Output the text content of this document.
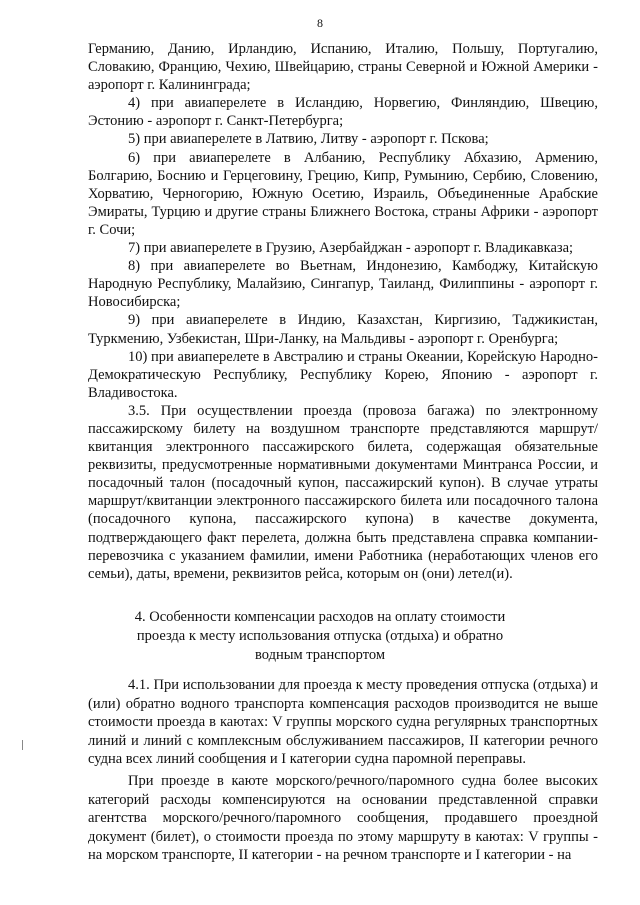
8

Германию, Данию, Ирландию, Испанию, Италию, Польшу, Португалию, Словакию, Францию, Чехию, Швейцарию, страны Северной и Южной Америки - аэропорт г. Калининграда;

4) при авиаперелете в Исландию, Норвегию, Финляндию, Швецию, Эстонию - аэропорт г. Санкт-Петербурга;

5) при авиаперелете в Латвию, Литву - аэропорт г. Пскова;

6) при авиаперелете в Албанию, Республику Абхазию, Армению, Болгарию, Боснию и Герцеговину, Грецию, Кипр, Румынию, Сербию, Словению, Хорватию, Черногорию, Южную Осетию, Израиль, Объединенные Арабские Эмираты, Турцию и другие страны Ближнего Востока, страны Африки - аэропорт г. Сочи;

7) при авиаперелете в Грузию, Азербайджан - аэропорт г. Владикавказа;

8) при авиаперелете во Вьетнам, Индонезию, Камбоджу, Китайскую Народную Республику, Малайзию, Сингапур, Таиланд, Филиппины - аэропорт г. Новосибирска;

9) при авиаперелете в Индию, Казахстан, Киргизию, Таджикистан, Туркмению, Узбекистан, Шри-Ланку, на Мальдивы - аэропорт г. Оренбурга;

10) при авиаперелете в Австралию и страны Океании, Корейскую Народно-Демократическую Республику, Республику Корею, Японию - аэропорт г. Владивостока.

3.5. При осуществлении проезда (провоза багажа) по электронному пассажирскому билету на воздушном транспорте представляются маршрут/квитанция электронного пассажирского билета, содержащая обязательные реквизиты, предусмотренные нормативными документами Минтранса России, и посадочный талон (посадочный купон, пассажирский купон). В случае утраты маршрут/квитанции электронного пассажирского билета или посадочного талона (посадочного купона, пассажирского купона) в качестве документа, подтверждающего факт перелета, должна быть представлена справка компании-перевозчика с указанием фамилии, имени Работника (неработающих членов его семьи), даты, времени, реквизитов рейса, которым он (они) летел(и).

4. Особенности компенсации расходов на оплату стоимости
проезда к месту использования отпуска (отдыха) и обратно
водным транспортом

4.1. При использовании для проезда к месту проведения отпуска (отдыха) и (или) обратно водного транспорта компенсация расходов производится не выше стоимости проезда в каютах: V группы морского судна регулярных транспортных линий и линий с комплексным обслуживанием пассажиров, II категории речного судна всех линий сообщения и I категории судна паромной переправы.

При проезде в каюте морского/речного/паромного судна более высоких категорий расходы компенсируются на основании представленной справки агентства морского/речного/паромного сообщения, продавшего проездной документ (билет), о стоимости проезда по этому маршруту в каютах: V группы - на морском транспорте, II категории - на речном транспорте и I категории - на
